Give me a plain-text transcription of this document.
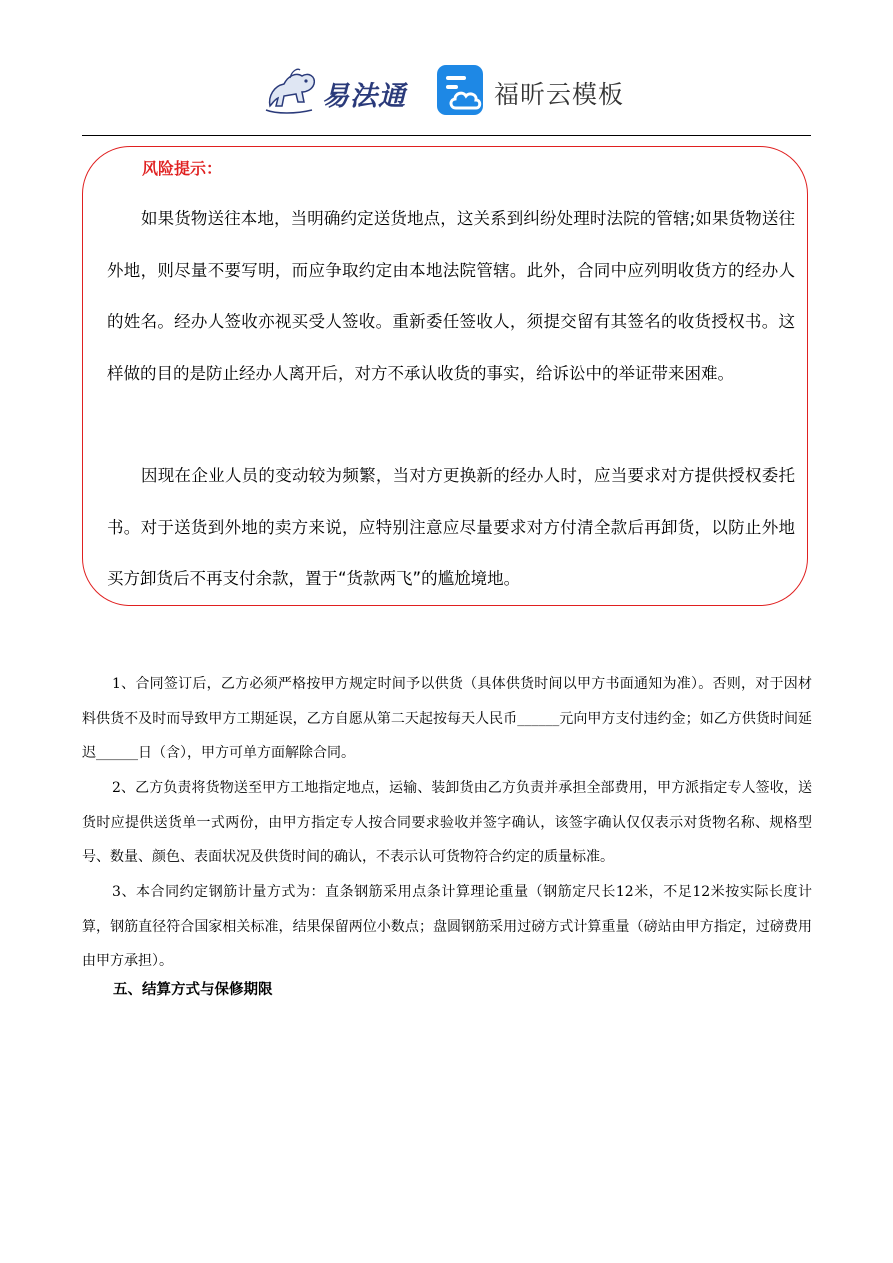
易法通	福昕云模板
风险提示：

如果货物送往本地，当明确约定送货地点，这关系到纠纷处理时法院的管辖;如果货物送往外地，则尽量不要写明，而应争取约定由本地法院管辖。此外，合同中应列明收货方的经办人的姓名。经办人签收亦视买受人签收。重新委任签收人，须提交留有其签名的收货授权书。这样做的目的是防止经办人离开后，对方不承认收货的事实，给诉讼中的举证带来困难。

因现在企业人员的变动较为频繁，当对方更换新的经办人时，应当要求对方提供授权委托书。对于送货到外地的卖方来说，应特别注意应尽量要求对方付清全款后再卸货，以防止外地买方卸货后不再支付余款，置于“货款两飞”的尴尬境地。

1、合同签订后，乙方必须严格按甲方规定时间予以供货（具体供货时间以甲方书面通知为准）。否则，对于因材料供货不及时而导致甲方工期延误，乙方自愿从第二天起按每天人民币______元向甲方支付违约金；如乙方供货时间延迟______日（含），甲方可单方面解除合同。

2、乙方负责将货物送至甲方工地指定地点，运输、装卸货由乙方负责并承担全部费用，甲方派指定专人签收，送货时应提供送货单一式两份，由甲方指定专人按合同要求验收并签字确认，该签字确认仅仅表示对货物名称、规格型号、数量、颜色、表面状况及供货时间的确认，不表示认可货物符合约定的质量标准。

3、本合同约定钢筋计量方式为：直条钢筋采用点条计算理论重量（钢筋定尺长12米，不足12米按实际长度计算，钢筋直径符合国家相关标准，结果保留两位小数点；盘圆钢筋采用过磅方式计算重量（磅站由甲方指定，过磅费用由甲方承担）。

五、结算方式与保修期限
